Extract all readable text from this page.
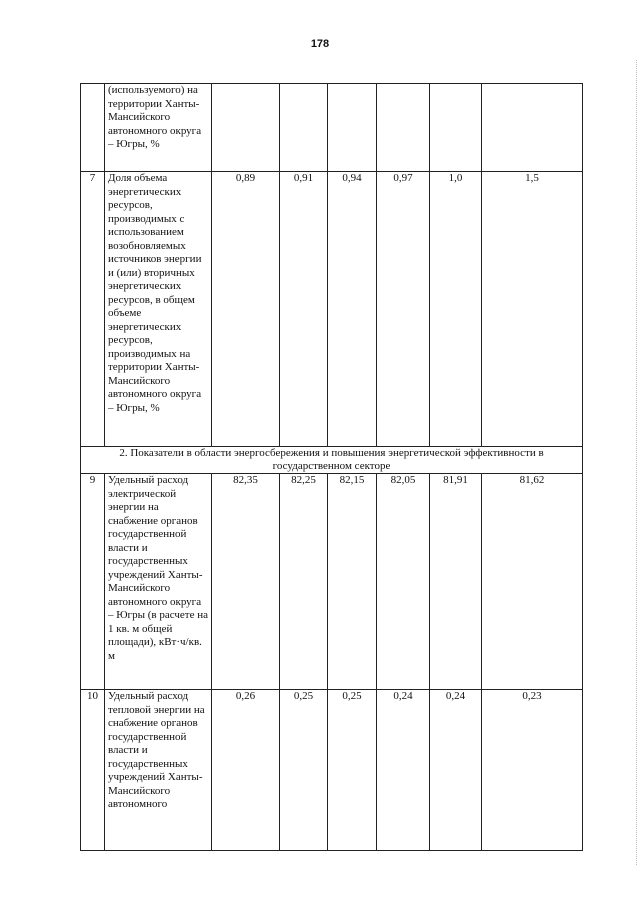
178
	(используемого) на территории Ханты-Мансийского автономного округа – Югры, %						
7	Доля объема энергетических ресурсов, производимых с использованием возобновляемых источников энергии и (или) вторичных энергетических ресурсов, в общем объеме энергетических ресурсов, производимых на территории Ханты-Мансийского автономного округа – Югры, %	0,89	0,91	0,94	0,97	1,0	1,5
2. Показатели в области энергосбережения и повышения энергетической эффективности в государственном секторе							
9	Удельный расход электрической энергии на снабжение органов государственной власти и государственных учреждений Ханты-Мансийского автономного округа – Югры (в расчете на 1 кв. м общей площади), кВт·ч/кв. м	82,35	82,25	82,15	82,05	81,91	81,62
10	Удельный расход тепловой энергии на снабжение органов государственной власти и государственных учреждений Ханты-Мансийского автономного	0,26	0,25	0,25	0,24	0,24	0,23
